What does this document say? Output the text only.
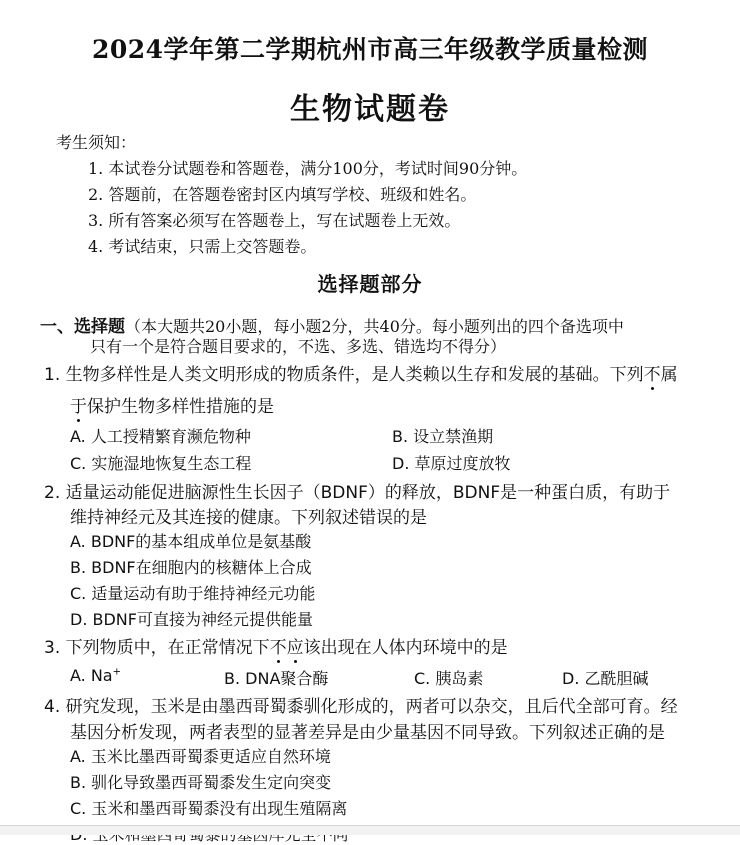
2024学年第二学期杭州市高三年级教学质量检测
生物试题卷
考生须知：
1. 本试卷分试题卷和答题卷，满分100分，考试时间90分钟。
2. 答题前，在答题卷密封区内填写学校、班级和姓名。
3. 所有答案必须写在答题卷上，写在试题卷上无效。
4. 考试结束，只需上交答题卷。
选择题部分
一、选择题（本大题共20小题，每小题2分，共40分。每小题列出的四个备选项中
只有一个是符合题目要求的，不选、多选、错选均不得分）
1. 生物多样性是人类文明形成的物质条件，是人类赖以生存和发展的基础。下列不属
于保护生物多样性措施的是
A. 人工授精繁育濒危物种	B. 设立禁渔期
C. 实施湿地恢复生态工程	D. 草原过度放牧
2. 适量运动能促进脑源性生长因子（BDNF）的释放，BDNF是一种蛋白质，有助于
维持神经元及其连接的健康。下列叙述错误的是
A. BDNF的基本组成单位是氨基酸
B. BDNF在细胞内的核糖体上合成
C. 适量运动有助于维持神经元功能
D. BDNF可直接为神经元提供能量
3. 下列物质中，在正常情况下不应该出现在人体内环境中的是
A. Na+	B. DNA聚合酶	C. 胰岛素	D. 乙酰胆碱
4. 研究发现，玉米是由墨西哥蜀黍驯化形成的，两者可以杂交，且后代全部可育。经
基因分析发现，两者表型的显著差异是由少量基因不同导致。下列叙述正确的是
A. 玉米比墨西哥蜀黍更适应自然环境
B. 驯化导致墨西哥蜀黍发生定向突变
C. 玉米和墨西哥蜀黍没有出现生殖隔离
